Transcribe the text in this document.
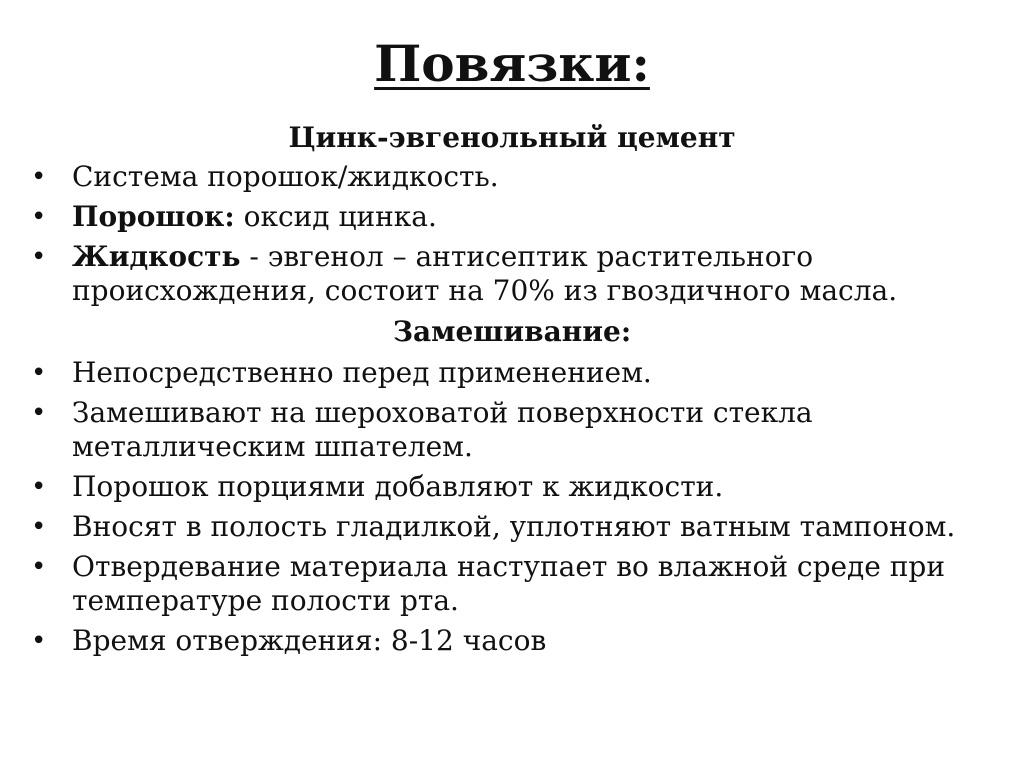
Повязки:

Цинк-эвгенольный цемент

• Система порошок/жидкость.
• Порошок: оксид цинка.
• Жидкость - эвгенол – антисептик растительного происхождения, состоит на 70% из гвоздичного масла.

Замешивание:

• Непосредственно перед применением.
• Замешивают на шероховатой поверхности стекла металлическим шпателем.
• Порошок порциями добавляют к жидкости.
• Вносят в полость гладилкой, уплотняют ватным тампоном.
• Отвердевание материала наступает во влажной среде при температуре полости рта.
• Время отверждения: 8-12 часов
